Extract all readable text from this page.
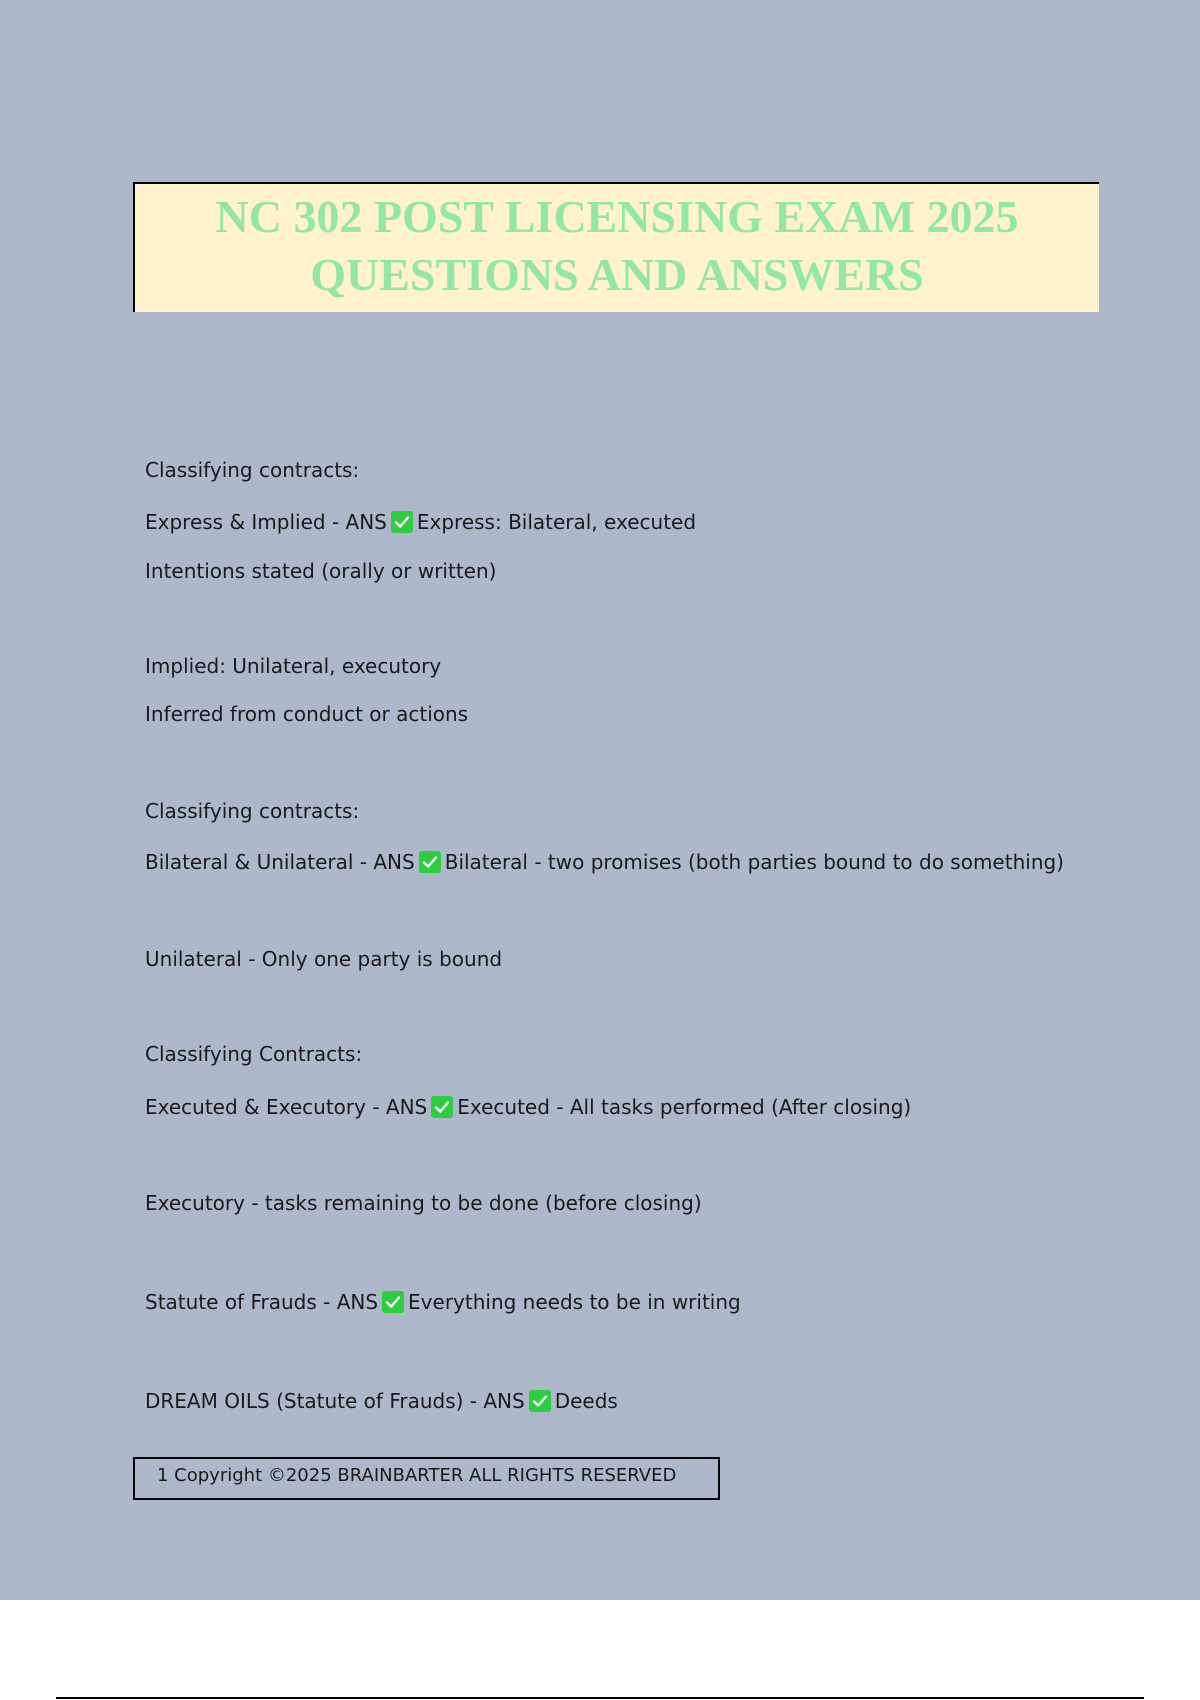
NC 302 POST LICENSING EXAM 2025
QUESTIONS AND ANSWERS
Classifying contracts:
Express & Implied - ANS Express: Bilateral, executed
Intentions stated (orally or written)
Implied: Unilateral, executory
Inferred from conduct or actions
Classifying contracts:
Bilateral & Unilateral - ANS Bilateral - two promises (both parties bound to do something)
Unilateral - Only one party is bound
Classifying Contracts:
Executed & Executory - ANS Executed - All tasks performed (After closing)
Executory - tasks remaining to be done (before closing)
Statute of Frauds - ANS Everything needs to be in writing
DREAM OILS (Statute of Frauds) - ANS Deeds
1 Copyright ©2025 BRAINBARTER ALL RIGHTS RESERVED
